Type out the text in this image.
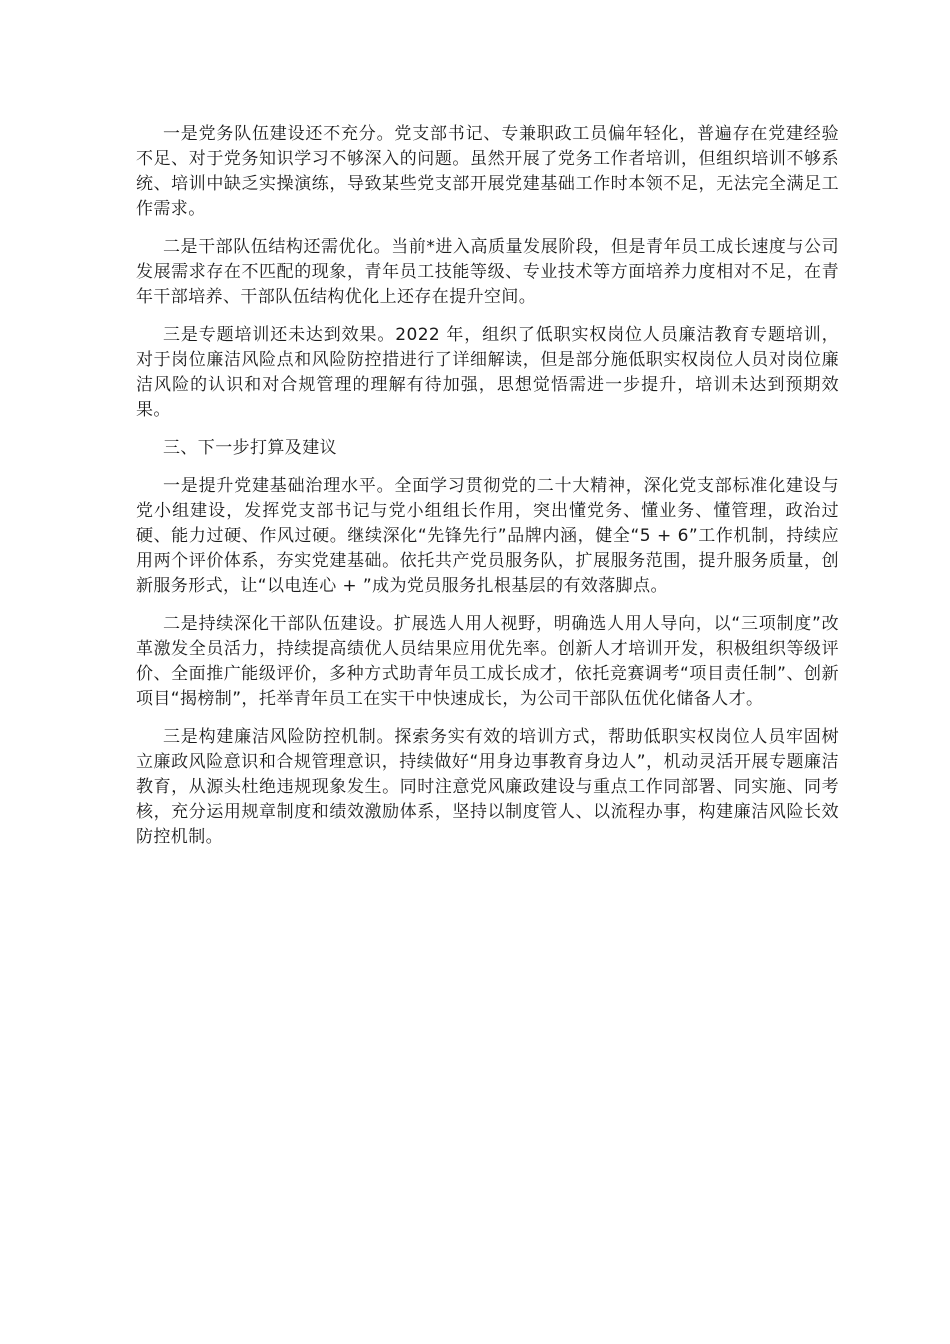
一是党务队伍建设还不充分。党支部书记、专兼职政工员偏年轻化，普遍存在党建经验不足、对于党务知识学习不够深入的问题。虽然开展了党务工作者培训，但组织培训不够系统、培训中缺乏实操演练，导致某些党支部开展党建基础工作时本领不足，无法完全满足工作需求。

二是干部队伍结构还需优化。当前*进入高质量发展阶段，但是青年员工成长速度与公司发展需求存在不匹配的现象，青年员工技能等级、专业技术等方面培养力度相对不足，在青年干部培养、干部队伍结构优化上还存在提升空间。

三是专题培训还未达到效果。2022 年，组织了低职实权岗位人员廉洁教育专题培训，对于岗位廉洁风险点和风险防控措进行了详细解读，但是部分施低职实权岗位人员对岗位廉洁风险的认识和对合规管理的理解有待加强，思想觉悟需进一步提升，培训未达到预期效果。

三、下一步打算及建议

一是提升党建基础治理水平。全面学习贯彻党的二十大精神，深化党支部标准化建设与党小组建设，发挥党支部书记与党小组组长作用，突出懂党务、懂业务、懂管理，政治过硬、能力过硬、作风过硬。继续深化“先锋先行”品牌内涵，健全“5 + 6”工作机制，持续应用两个评价体系，夯实党建基础。依托共产党员服务队，扩展服务范围，提升服务质量，创新服务形式，让“以电连心 + ”成为党员服务扎根基层的有效落脚点。

二是持续深化干部队伍建设。扩展选人用人视野，明确选人用人导向，以“三项制度”改革激发全员活力，持续提高绩优人员结果应用优先率。创新人才培训开发，积极组织等级评价、全面推广能级评价，多种方式助青年员工成长成才，依托竞赛调考“项目责任制”、创新项目“揭榜制”，托举青年员工在实干中快速成长，为公司干部队伍优化储备人才。

三是构建廉洁风险防控机制。探索务实有效的培训方式，帮助低职实权岗位人员牢固树立廉政风险意识和合规管理意识，持续做好“用身边事教育身边人”，机动灵活开展专题廉洁教育，从源头杜绝违规现象发生。同时注意党风廉政建设与重点工作同部署、同实施、同考核，充分运用规章制度和绩效激励体系，坚持以制度管人、以流程办事，构建廉洁风险长效防控机制。
